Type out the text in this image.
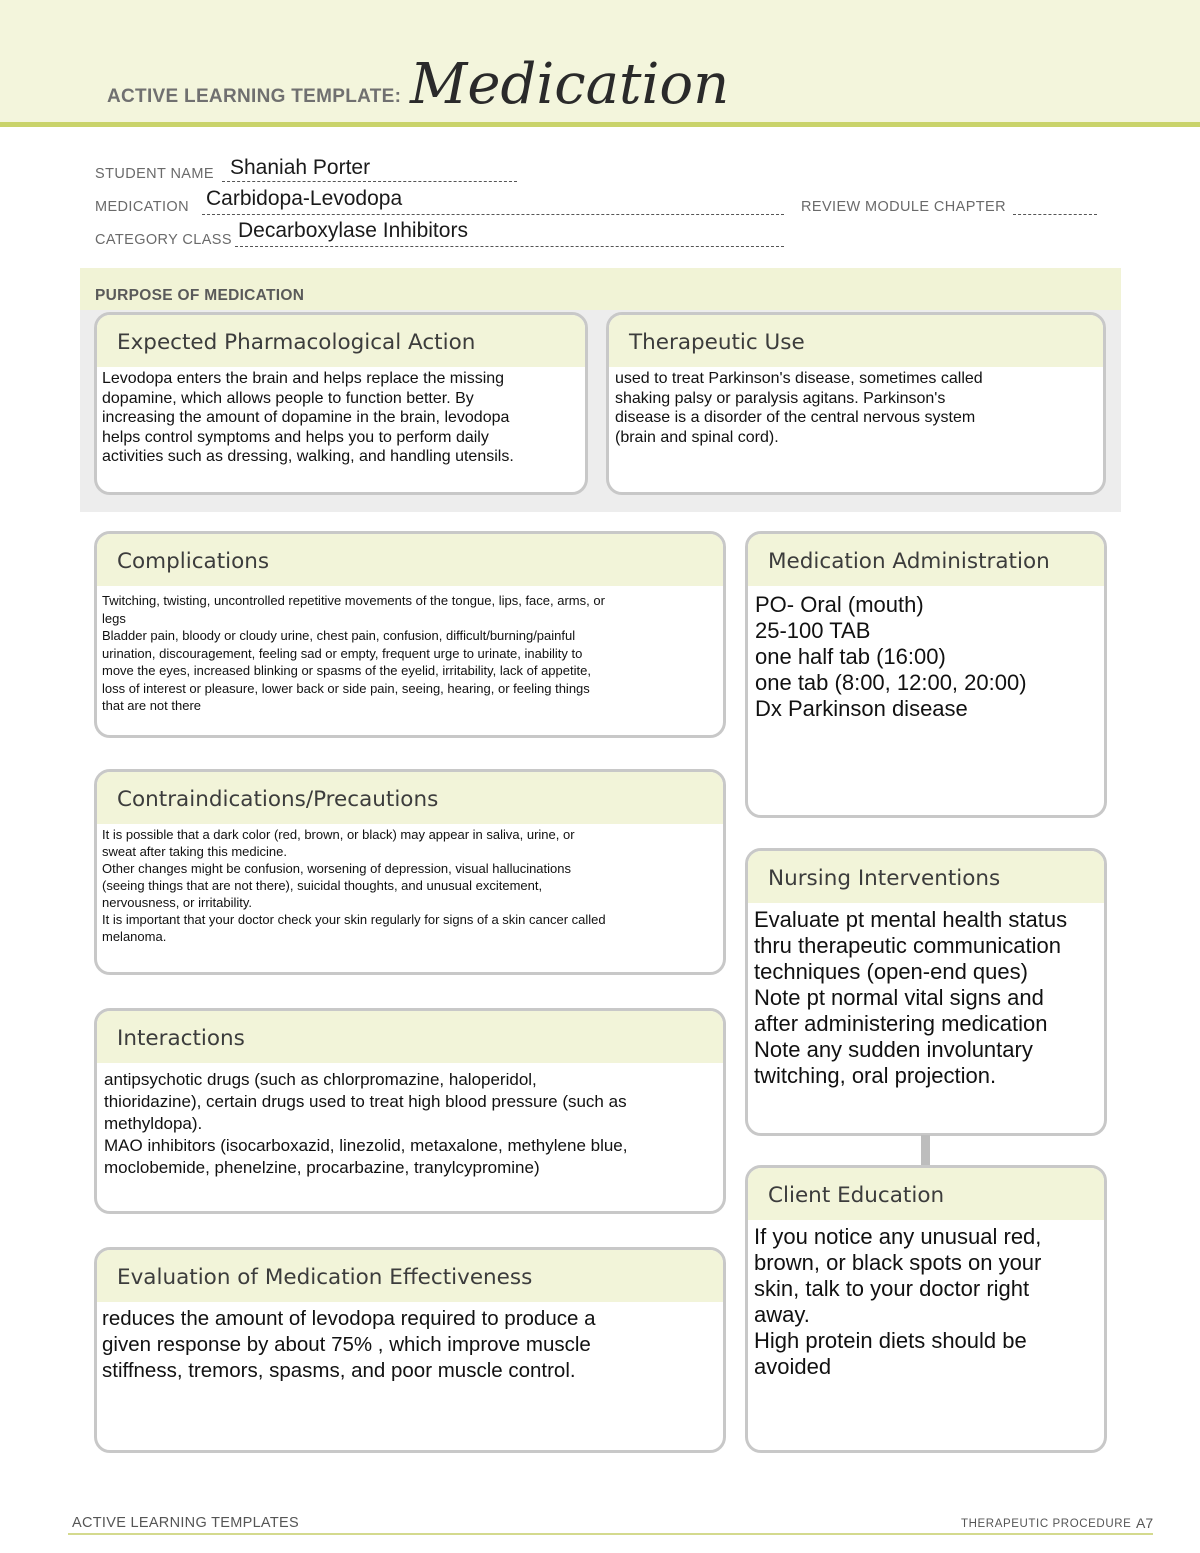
ACTIVE LEARNING TEMPLATE: Medication
STUDENT NAME Shaniah Porter
MEDICATION Carbidopa-Levodopa	REVIEW MODULE CHAPTER
CATEGORY CLASS Decarboxylase Inhibitors
PURPOSE OF MEDICATION
Expected Pharmacological Action
Levodopa enters the brain and helps replace the missing
dopamine, which allows people to function better. By
increasing the amount of dopamine in the brain, levodopa
helps control symptoms and helps you to perform daily
activities such as dressing, walking, and handling utensils.
Therapeutic Use
used to treat Parkinson's disease, sometimes called
shaking palsy or paralysis agitans. Parkinson's
disease is a disorder of the central nervous system
(brain and spinal cord).
Complications
Twitching, twisting, uncontrolled repetitive movements of the tongue, lips, face, arms, or
legs
Bladder pain, bloody or cloudy urine, chest pain, confusion, difficult/burning/painful
urination, discouragement, feeling sad or empty, frequent urge to urinate, inability to
move the eyes, increased blinking or spasms of the eyelid, irritability, lack of appetite,
loss of interest or pleasure, lower back or side pain, seeing, hearing, or feeling things
that are not there
Contraindications/Precautions
It is possible that a dark color (red, brown, or black) may appear in saliva, urine, or
sweat after taking this medicine.
Other changes might be confusion, worsening of depression, visual hallucinations
(seeing things that are not there), suicidal thoughts, and unusual excitement,
nervousness, or irritability.
It is important that your doctor check your skin regularly for signs of a skin cancer called
melanoma.
Interactions
antipsychotic drugs (such as chlorpromazine, haloperidol,
thioridazine), certain drugs used to treat high blood pressure (such as
methyldopa).
MAO inhibitors (isocarboxazid, linezolid, metaxalone, methylene blue,
moclobemide, phenelzine, procarbazine, tranylcypromine)
Evaluation of Medication Effectiveness
reduces the amount of levodopa required to produce a
given response by about 75% , which improve muscle
stiffness, tremors, spasms, and poor muscle control.
Medication Administration
PO- Oral (mouth)
25-100 TAB
one half tab (16:00)
one tab (8:00, 12:00, 20:00)
Dx Parkinson disease
Nursing Interventions
Evaluate pt mental health status
thru therapeutic communication
techniques (open-end ques)
Note pt normal vital signs and
after administering medication
Note any sudden involuntary
twitching, oral projection.
Client Education
If you notice any unusual red,
brown, or black spots on your
skin, talk to your doctor right
away.
High protein diets should be
avoided
ACTIVE LEARNING TEMPLATES	THERAPEUTIC PROCEDURE A7
